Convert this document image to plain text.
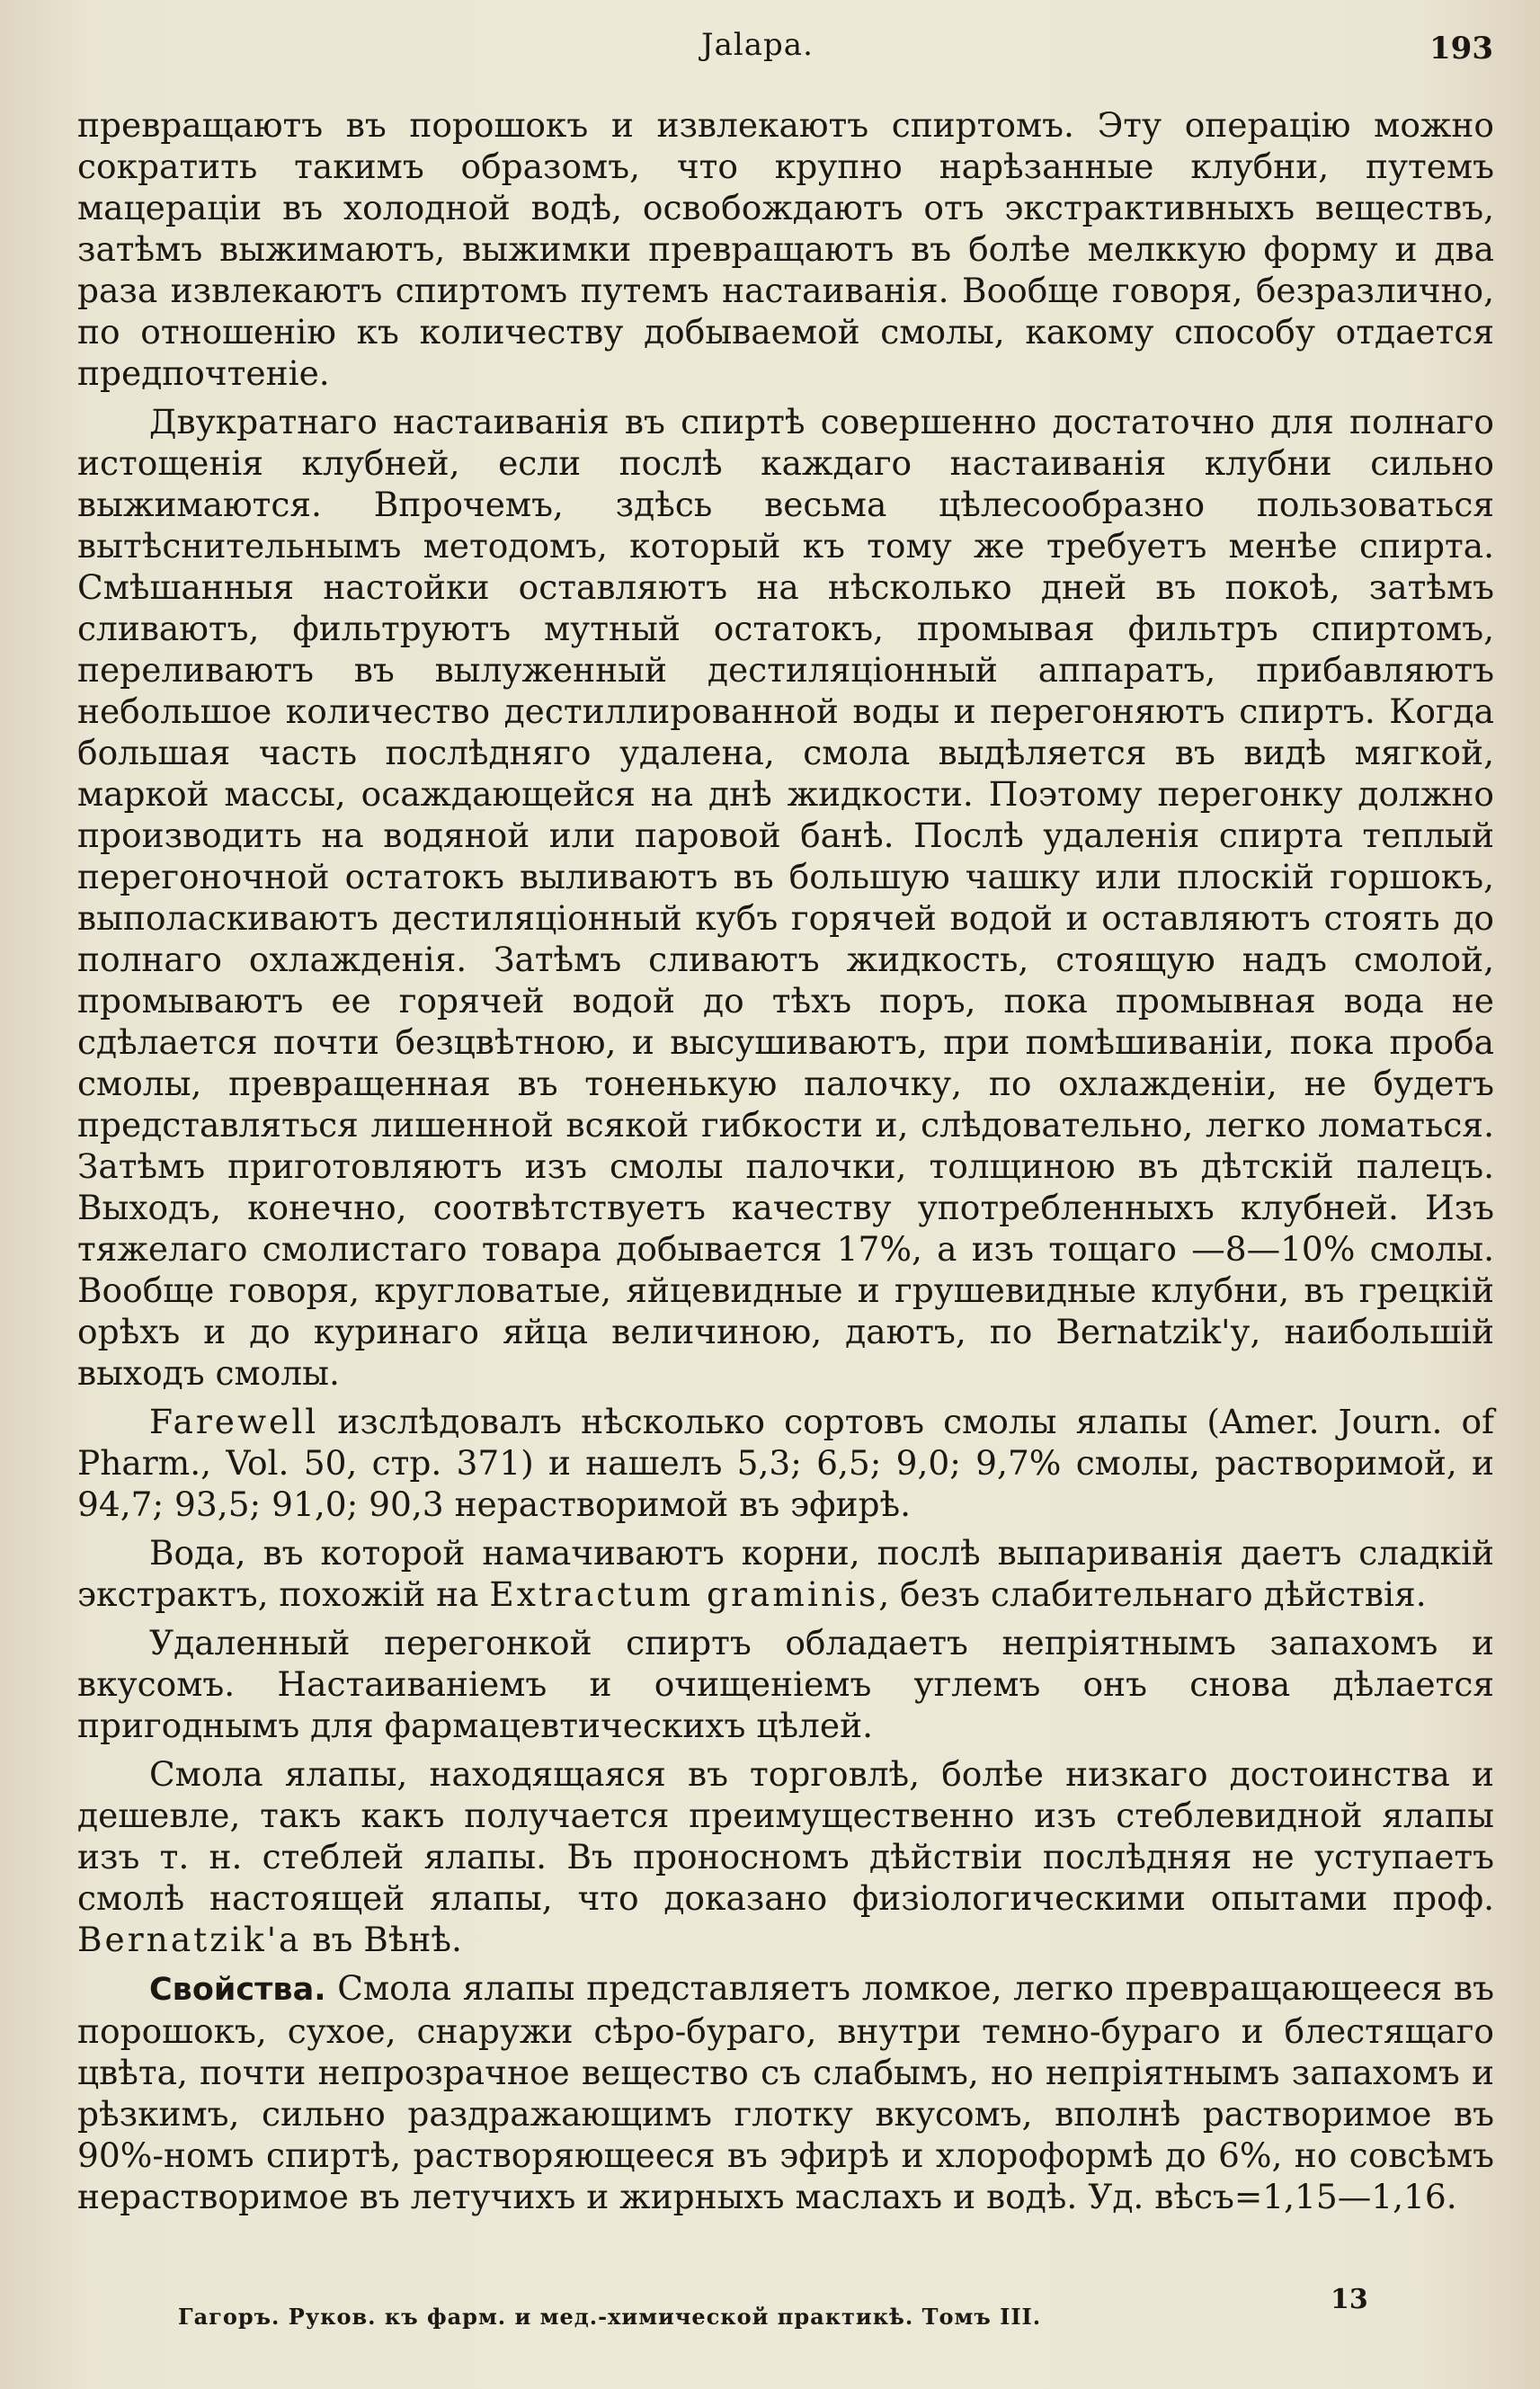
Jalapa.	193

превращаютъ въ порошокъ и извлекаютъ спиртомъ. Эту операцію можно сократить такимъ образомъ, что крупно нарѣзанные клубни, путемъ мацераціи въ холодной водѣ, освобождаютъ отъ экстрактивныхъ веществъ, затѣмъ выжимаютъ, выжимки превращаютъ въ болѣе мелккую форму и два раза извлекаютъ спиртомъ путемъ настаиванія. Вообще говоря, безразлично, по отношенію къ количеству добываемой смолы, какому способу отдается предпочтеніе.

Двукратнаго настаиванія въ спиртѣ совершенно достаточно для полнаго истощенія клубней, если послѣ каждаго настаиванія клубни сильно выжимаются. Впрочемъ, здѣсь весьма цѣлесообразно пользоваться вытѣснительнымъ методомъ, который къ тому же требуетъ менѣе спирта. Смѣшанныя настойки оставляютъ на нѣсколько дней въ покоѣ, затѣмъ сливаютъ, фильтруютъ мутный остатокъ, промывая фильтръ спиртомъ, переливаютъ въ вылуженный дестиляціонный аппаратъ, прибавляютъ небольшое количество дестиллированной воды и перегоняютъ спиртъ. Когда большая часть послѣдняго удалена, смола выдѣляется въ видѣ мягкой, маркой массы, осаждающейся на днѣ жидкости. Поэтому перегонку должно производить на водяной или паровой банѣ. Послѣ удаленія спирта теплый перегоночной остатокъ выливаютъ въ большую чашку или плоскій горшокъ, выполаскиваютъ дестиляціонный кубъ горячей водой и оставляютъ стоять до полнаго охлажденія. Затѣмъ сливаютъ жидкость, стоящую надъ смолой, промываютъ ее горячей водой до тѣхъ поръ, пока промывная вода не сдѣлается почти безцвѣтною, и высушиваютъ, при помѣшиваніи, пока проба смолы, превращенная въ тоненькую палочку, по охлажденіи, не будетъ представляться лишенной всякой гибкости и, слѣдовательно, легко ломаться. Затѣмъ приготовляютъ изъ смолы палочки, толщиною въ дѣтскій палецъ. Выходъ, конечно, соотвѣтствуетъ качеству употребленныхъ клубней. Изъ тяжелаго смолистаго товара добывается 17%, а изъ тощаго —8—10% смолы. Вообще говоря, кругловатые, яйцевидные и грушевидные клубни, въ грецкій орѣхъ и до куринаго яйца величиною, даютъ, по Bernatzik'у, наибольшій выходъ смолы.

Farewell изслѣдовалъ нѣсколько сортовъ смолы ялапы (Amer. Journ. of Pharm., Vol. 50, стр. 371) и нашелъ 5,3; 6,5; 9,0; 9,7% смолы, растворимой, и 94,7; 93,5; 91,0; 90,3 нерастворимой въ эфирѣ.

Вода, въ которой намачиваютъ корни, послѣ выпариванія даетъ сладкій экстрактъ, похожій на Extractum graminis, безъ слабительнаго дѣйствія.

Удаленный перегонкой спиртъ обладаетъ непріятнымъ запахомъ и вкусомъ. Настаиваніемъ и очищеніемъ углемъ онъ снова дѣлается пригоднымъ для фармацевтическихъ цѣлей.

Смола ялапы, находящаяся въ торговлѣ, болѣе низкаго достоинства и дешевле, такъ какъ получается преимущественно изъ стеблевидной ялапы изъ т. н. стеблей ялапы. Въ проносномъ дѣйствіи послѣдняя не уступаетъ смолѣ настоящей ялапы, что доказано физіологическими опытами проф. Bernatzik'а въ Вѣнѣ.

Свойства. Смола ялапы представляетъ ломкое, легко превращающееся въ порошокъ, сухое, снаружи сѣро-бураго, внутри темно-бураго и блестящаго цвѣта, почти непрозрачное вещество съ слабымъ, но непріятнымъ запахомъ и рѣзкимъ, сильно раздражающимъ глотку вкусомъ, вполнѣ растворимое въ 90%-номъ спиртѣ, растворяющееся въ эфирѣ и хлороформѣ до 6%, но совсѣмъ нерастворимое въ летучихъ и жирныхъ маслахъ и водѣ. Уд. вѣсъ=1,15—1,16.

Гагоръ. Руков. къ фарм. и мед.-химической практикѣ. Томъ III.
13
